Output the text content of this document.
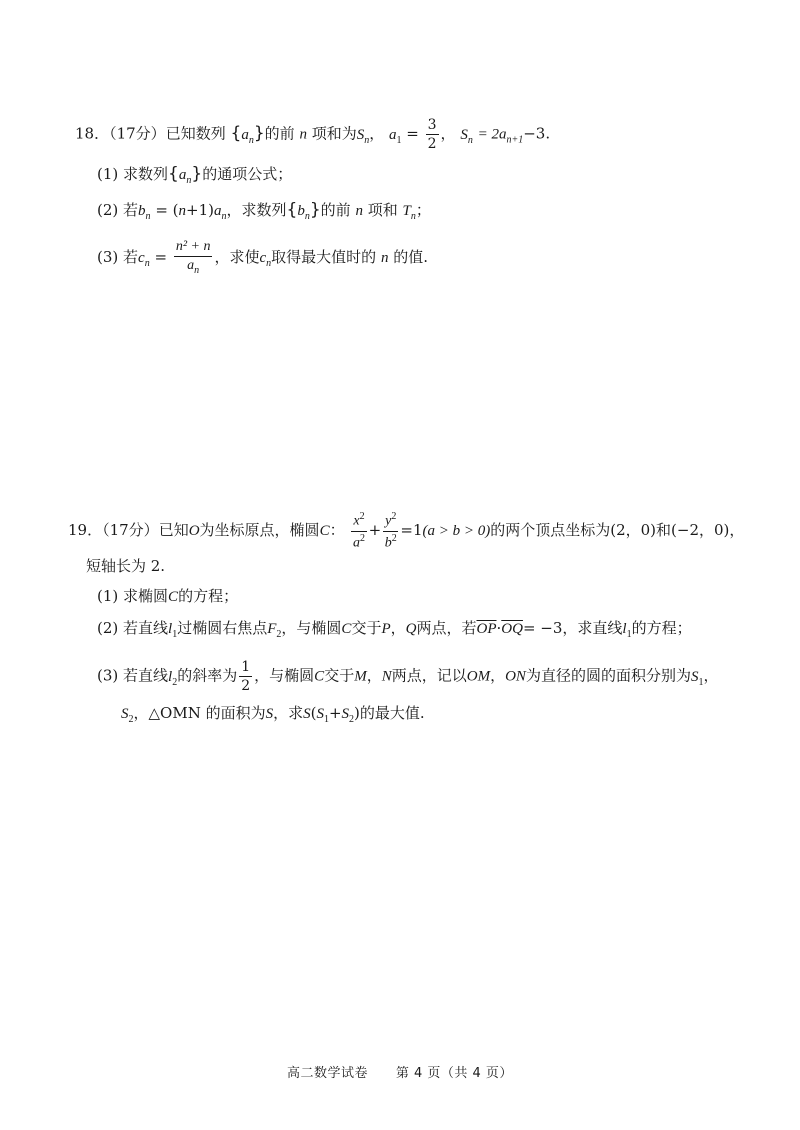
18．（17分）已知数列 $\{a_n\}$的前 n 项和为$S_n$， $a_1 = \frac{3}{2}$ ， $S_n = 2a_{n+1}-3$.
(1) 求数列$\{a_n\}$的通项公式；
(2) 若$b_n = (n+1)a_n$，求数列$\{b_n\}$的前 n 项和 $T_n$；
(3) 若$c_n = \frac{\text{n² + n}}{a_n}$ ，求使$c_n$取得最大值时的 n 的值.
19．（17分）已知O为坐标原点，椭圆C： $\frac{x^2}{a^2} + \frac{y^2}{b^2} =1(a > b > 0)$的两个顶点坐标为(2，0)和(−2，0)，
短轴长为 2.
(1) 求椭圆C的方程；
(2) 若直线$l_1$过椭圆右焦点$F_2$，与椭圆C交于P，Q两点，若$\overline{OP}\cdot\overline{OQ}= -3$，求直线$l_1$的方程；
(3) 若直线$l_2$的斜率为 $\frac{1}{2}$ ，与椭圆C交于M，N两点，记以OM，ON为直径的圆的面积分别为$S_1$，
$S_2$，△OMN 的面积为S，求$S(S_1+S_2)$的最大值.
高二数学试卷 第 4 页（共 4 页）
